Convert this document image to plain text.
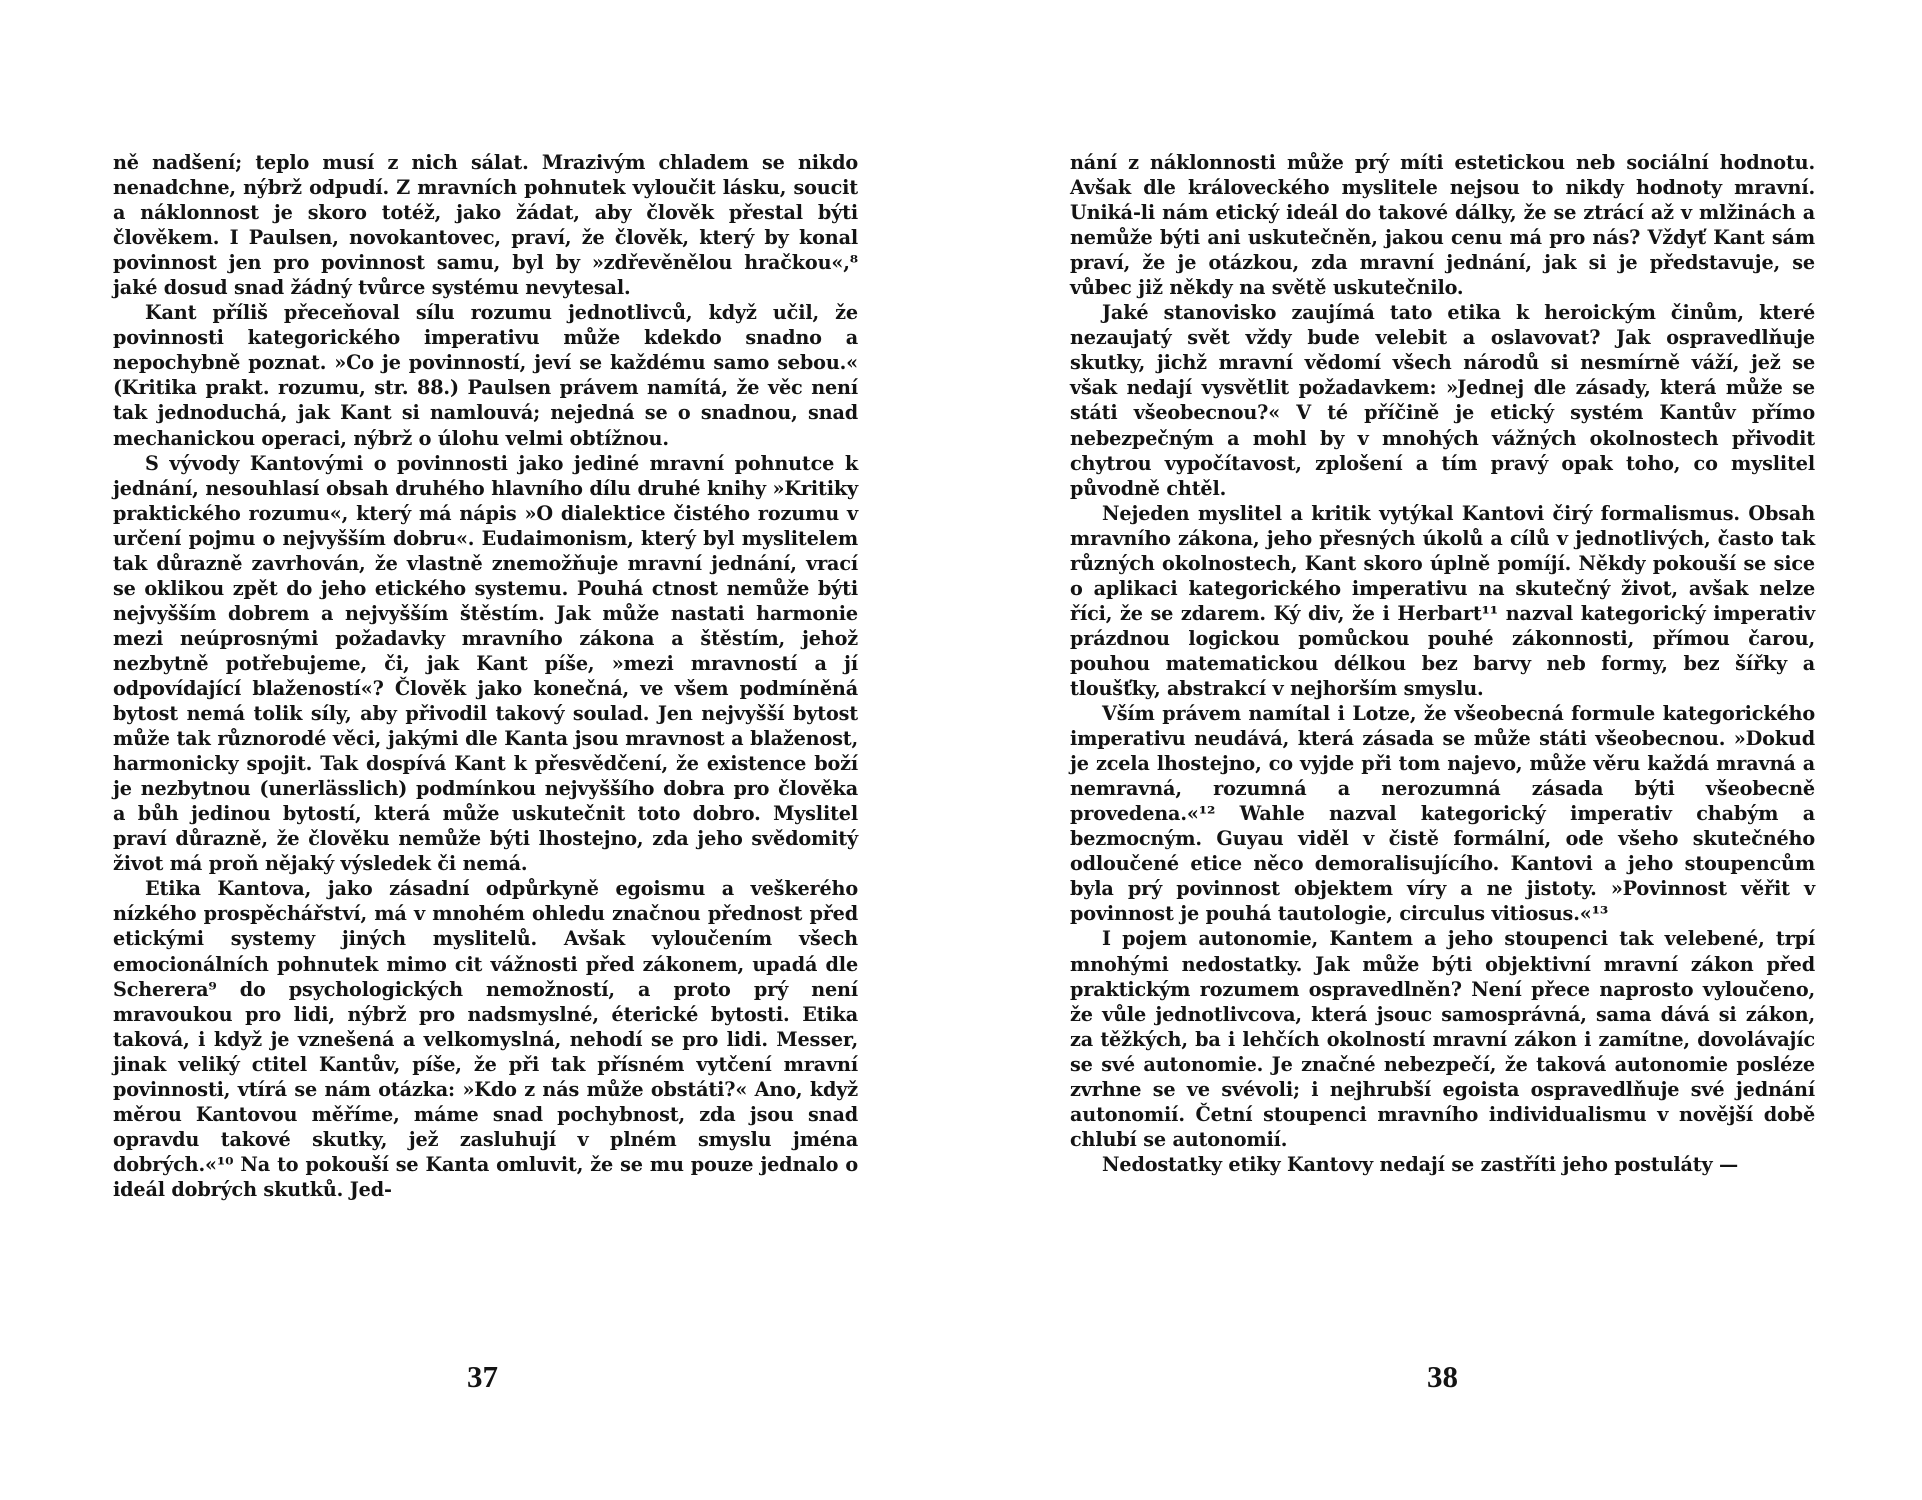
ně nadšení; teplo musí z nich sálat. Mrazivým chladem se nikdo nenadchne, nýbrž odpudí. Z mravních pohnutek vyloučit lásku, soucit a náklonnost je skoro totéž, jako žádat, aby člověk přestal býti člověkem. I Paulsen, novokantovec, praví, že člověk, který by konal povinnost jen pro povinnost samu, byl by »zdřevěnělou hračkou«,⁸ jaké dosud snad žádný tvůrce systému nevytesal.

Kant příliš přeceňoval sílu rozumu jednotlivců, když učil, že povinnosti kategorického imperativu může kdekdo snadno a nepochybně poznat. »Co je povinností, jeví se každému samo sebou.« (Kritika prakt. rozumu, str. 88.) Paulsen právem namítá, že věc není tak jednoduchá, jak Kant si namlouvá; nejedná se o snadnou, snad mechanickou operaci, nýbrž o úlohu velmi obtížnou.

S vývody Kantovými o povinnosti jako jediné mravní pohnutce k jednání, nesouhlasí obsah druhého hlavního dílu druhé knihy »Kritiky praktického rozumu«, který má nápis »O dialektice čistého rozumu v určení pojmu o nejvyšším dobru«. Eudaimonism, který byl myslitelem tak důrazně zavrhován, že vlastně znemožňuje mravní jednání, vrací se oklikou zpět do jeho etického systemu. Pouhá ctnost nemůže býti nejvyšším dobrem a nejvyšším štěstím. Jak může nastati harmonie mezi neúprosnými požadavky mravního zákona a štěstím, jehož nezbytně potřebujeme, či, jak Kant píše, »mezi mravností a jí odpovídající blažeností«? Člověk jako konečná, ve všem podmíněná bytost nemá tolik síly, aby přivodil takový soulad. Jen nejvyšší bytost může tak různorodé věci, jakými dle Kanta jsou mravnost a blaženost, harmonicky spojit. Tak dospívá Kant k přesvědčení, že existence boží je nezbytnou (unerlässlich) podmínkou nejvyššího dobra pro člověka a bůh jedinou bytostí, která může uskutečnit toto dobro. Myslitel praví důrazně, že člověku nemůže býti lhostejno, zda jeho svědomitý život má proň nějaký výsledek či nemá.

Etika Kantova, jako zásadní odpůrkyně egoismu a veškerého nízkého prospěchářství, má v mnohém ohledu značnou přednost před etickými systemy jiných myslitelů. Avšak vyloučením všech emocionálních pohnutek mimo cit vážnosti před zákonem, upadá dle Scherera⁹ do psychologických nemožností, a proto prý není mravoukou pro lidi, nýbrž pro nadsmyslné, éterické bytosti. Etika taková, i když je vznešená a velkomyslná, nehodí se pro lidi. Messer, jinak veliký ctitel Kantův, píše, že při tak přísném vytčení mravní povinnosti, vtírá se nám otázka: »Kdo z nás může obstáti?« Ano, když měrou Kantovou měříme, máme snad pochybnost, zda jsou snad opravdu takové skutky, jež zasluhují v plném smyslu jména dobrých.«¹⁰ Na to pokouší se Kanta omluvit, že se mu pouze jednalo o ideál dobrých skutků. Jed-

nání z náklonnosti může prý míti estetickou neb sociální hodnotu. Avšak dle královeckého myslitele nejsou to nikdy hodnoty mravní. Uniká-li nám etický ideál do takové dálky, že se ztrácí až v mlžinách a nemůže býti ani uskutečněn, jakou cenu má pro nás? Vždyť Kant sám praví, že je otázkou, zda mravní jednání, jak si je představuje, se vůbec již někdy na světě uskutečnilo.

Jaké stanovisko zaujímá tato etika k heroickým činům, které nezaujatý svět vždy bude velebit a oslavovat? Jak ospravedlňuje skutky, jichž mravní vědomí všech národů si nesmírně váží, jež se však nedají vysvětlit požadavkem: »Jednej dle zásady, která může se státi všeobecnou?« V té příčině je etický systém Kantův přímo nebezpečným a mohl by v mnohých vážných okolnostech přivodit chytrou vypočítavost, zplošení a tím pravý opak toho, co myslitel původně chtěl.

Nejeden myslitel a kritik vytýkal Kantovi čirý formalismus. Obsah mravního zákona, jeho přesných úkolů a cílů v jednotlivých, často tak různých okolnostech, Kant skoro úplně pomíjí. Někdy pokouší se sice o aplikaci kategorického imperativu na skutečný život, avšak nelze říci, že se zdarem. Ký div, že i Herbart¹¹ nazval kategorický imperativ prázdnou logickou pomůckou pouhé zákonnosti, přímou čarou, pouhou matematickou délkou bez barvy neb formy, bez šířky a tloušťky, abstrakcí v nejhorším smyslu.

Vším právem namítal i Lotze, že všeobecná formule kategorického imperativu neudává, která zásada se může státi všeobecnou. »Dokud je zcela lhostejno, co vyjde při tom najevo, může věru každá mravná a nemravná, rozumná a nerozumná zásada býti všeobecně provedena.«¹² Wahle nazval kategorický imperativ chabým a bezmocným. Guyau viděl v čistě formální, ode všeho skutečného odloučené etice něco demoralisujícího. Kantovi a jeho stoupencům byla prý povinnost objektem víry a ne jistoty. »Povinnost věřit v povinnost je pouhá tautologie, circulus vitiosus.«¹³

I pojem autonomie, Kantem a jeho stoupenci tak velebené, trpí mnohými nedostatky. Jak může býti objektivní mravní zákon před praktickým rozumem ospravedlněn? Není přece naprosto vyloučeno, že vůle jednotlivcova, která jsouc samosprávná, sama dává si zákon, za těžkých, ba i lehčích okolností mravní zákon i zamítne, dovolávajíc se své autonomie. Je značné nebezpečí, že taková autonomie posléze zvrhne se ve svévoli; i nejhrubší egoista ospravedlňuje své jednání autonomií. Četní stoupenci mravního individualismu v novější době chlubí se autonomií.

Nedostatky etiky Kantovy nedají se zastříti jeho postuláty —

37	38
